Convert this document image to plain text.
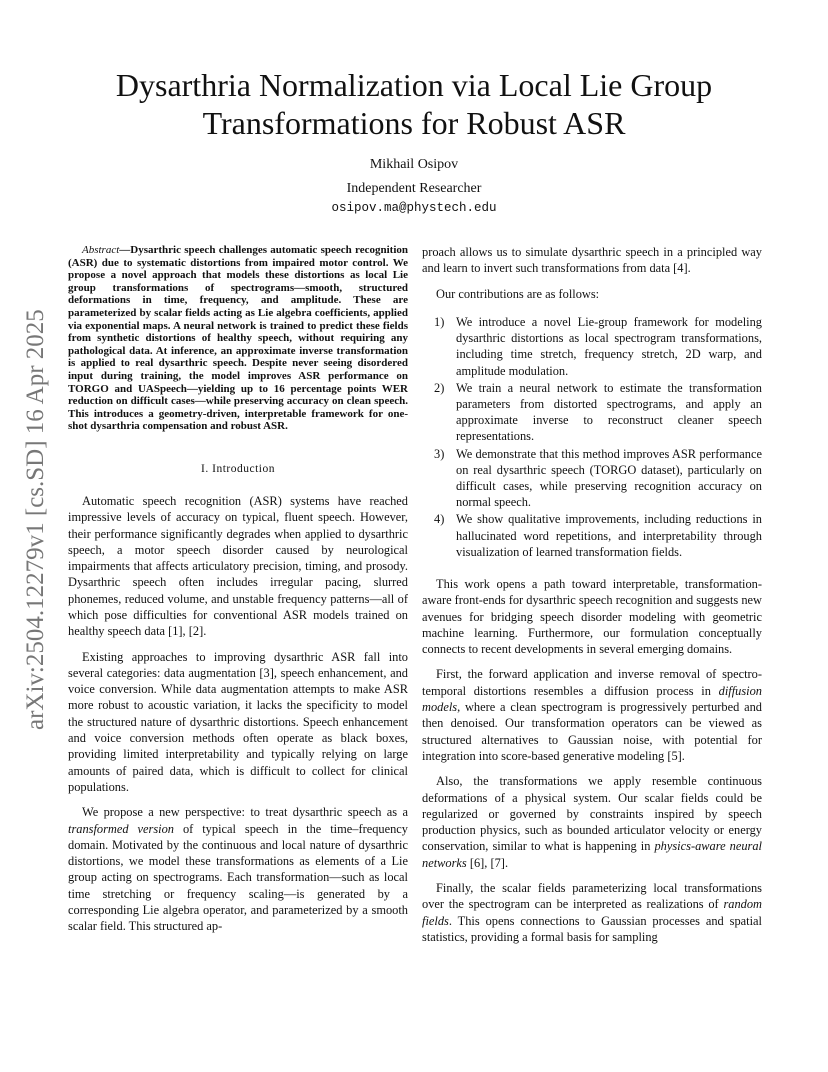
Dysarthria Normalization via Local Lie Group
Transformations for Robust ASR
Mikhail Osipov
Independent Researcher
osipov.ma@phystech.edu
arXiv:2504.12279v1 [cs.SD] 16 Apr 2025

Abstract—Dysarthric speech challenges automatic speech recognition (ASR) due to systematic distortions from impaired motor control. We propose a novel approach that models these distortions as local Lie group transformations of spectrograms—smooth, structured deformations in time, frequency, and amplitude. These are parameterized by scalar fields acting as Lie algebra coefficients, applied via exponential maps. A neural network is trained to predict these fields from synthetic distortions of healthy speech, without requiring any pathological data. At inference, an approximate inverse transformation is applied to real dysarthric speech. Despite never seeing disordered input during training, the model improves ASR performance on TORGO and UASpeech—yielding up to 16 percentage points WER reduction on difficult cases—while preserving accuracy on clean speech. This introduces a geometry-driven, interpretable framework for one-shot dysarthria compensation and robust ASR.

I. Introduction

Automatic speech recognition (ASR) systems have reached impressive levels of accuracy on typical, fluent speech. However, their performance significantly degrades when applied to dysarthric speech, a motor speech disorder caused by neurological impairments that affects articulatory precision, timing, and prosody. Dysarthric speech often includes irregular pacing, slurred phonemes, reduced volume, and unstable frequency patterns—all of which pose difficulties for conventional ASR models trained on healthy speech data [1], [2].

Existing approaches to improving dysarthric ASR fall into several categories: data augmentation [3], speech enhancement, and voice conversion. While data augmentation attempts to make ASR more robust to acoustic variation, it lacks the specificity to model the structured nature of dysarthric distortions. Speech enhancement and voice conversion methods often operate as black boxes, providing limited interpretability and typically relying on large amounts of paired data, which is difficult to collect for clinical populations.

We propose a new perspective: to treat dysarthric speech as a transformed version of typical speech in the time–frequency domain. Motivated by the continuous and local nature of dysarthric distortions, we model these transformations as elements of a Lie group acting on spectrograms. Each transformation—such as local time stretching or frequency scaling—is generated by a corresponding Lie algebra operator, and parameterized by a smooth scalar field. This structured ap-

proach allows us to simulate dysarthric speech in a principled way and learn to invert such transformations from data [4].

Our contributions are as follows:

1) We introduce a novel Lie-group framework for modeling dysarthric distortions as local spectrogram transformations, including time stretch, frequency stretch, 2D warp, and amplitude modulation.
2) We train a neural network to estimate the transformation parameters from distorted spectrograms, and apply an approximate inverse to reconstruct cleaner speech representations.
3) We demonstrate that this method improves ASR performance on real dysarthric speech (TORGO dataset), particularly on difficult cases, while preserving recognition accuracy on normal speech.
4) We show qualitative improvements, including reductions in hallucinated word repetitions, and interpretability through visualization of learned transformation fields.

This work opens a path toward interpretable, transformation-aware front-ends for dysarthric speech recognition and suggests new avenues for bridging speech disorder modeling with geometric machine learning. Furthermore, our formulation conceptually connects to recent developments in several emerging domains.

First, the forward application and inverse removal of spectro-temporal distortions resembles a diffusion process in diffusion models, where a clean spectrogram is progressively perturbed and then denoised. Our transformation operators can be viewed as structured alternatives to Gaussian noise, with potential for integration into score-based generative modeling [5].

Also, the transformations we apply resemble continuous deformations of a physical system. Our scalar fields could be regularized or governed by constraints inspired by speech production physics, such as bounded articulator velocity or energy conservation, similar to what is happening in physics-aware neural networks [6], [7].

Finally, the scalar fields parameterizing local transformations over the spectrogram can be interpreted as realizations of random fields. This opens connections to Gaussian processes and spatial statistics, providing a formal basis for sampling
